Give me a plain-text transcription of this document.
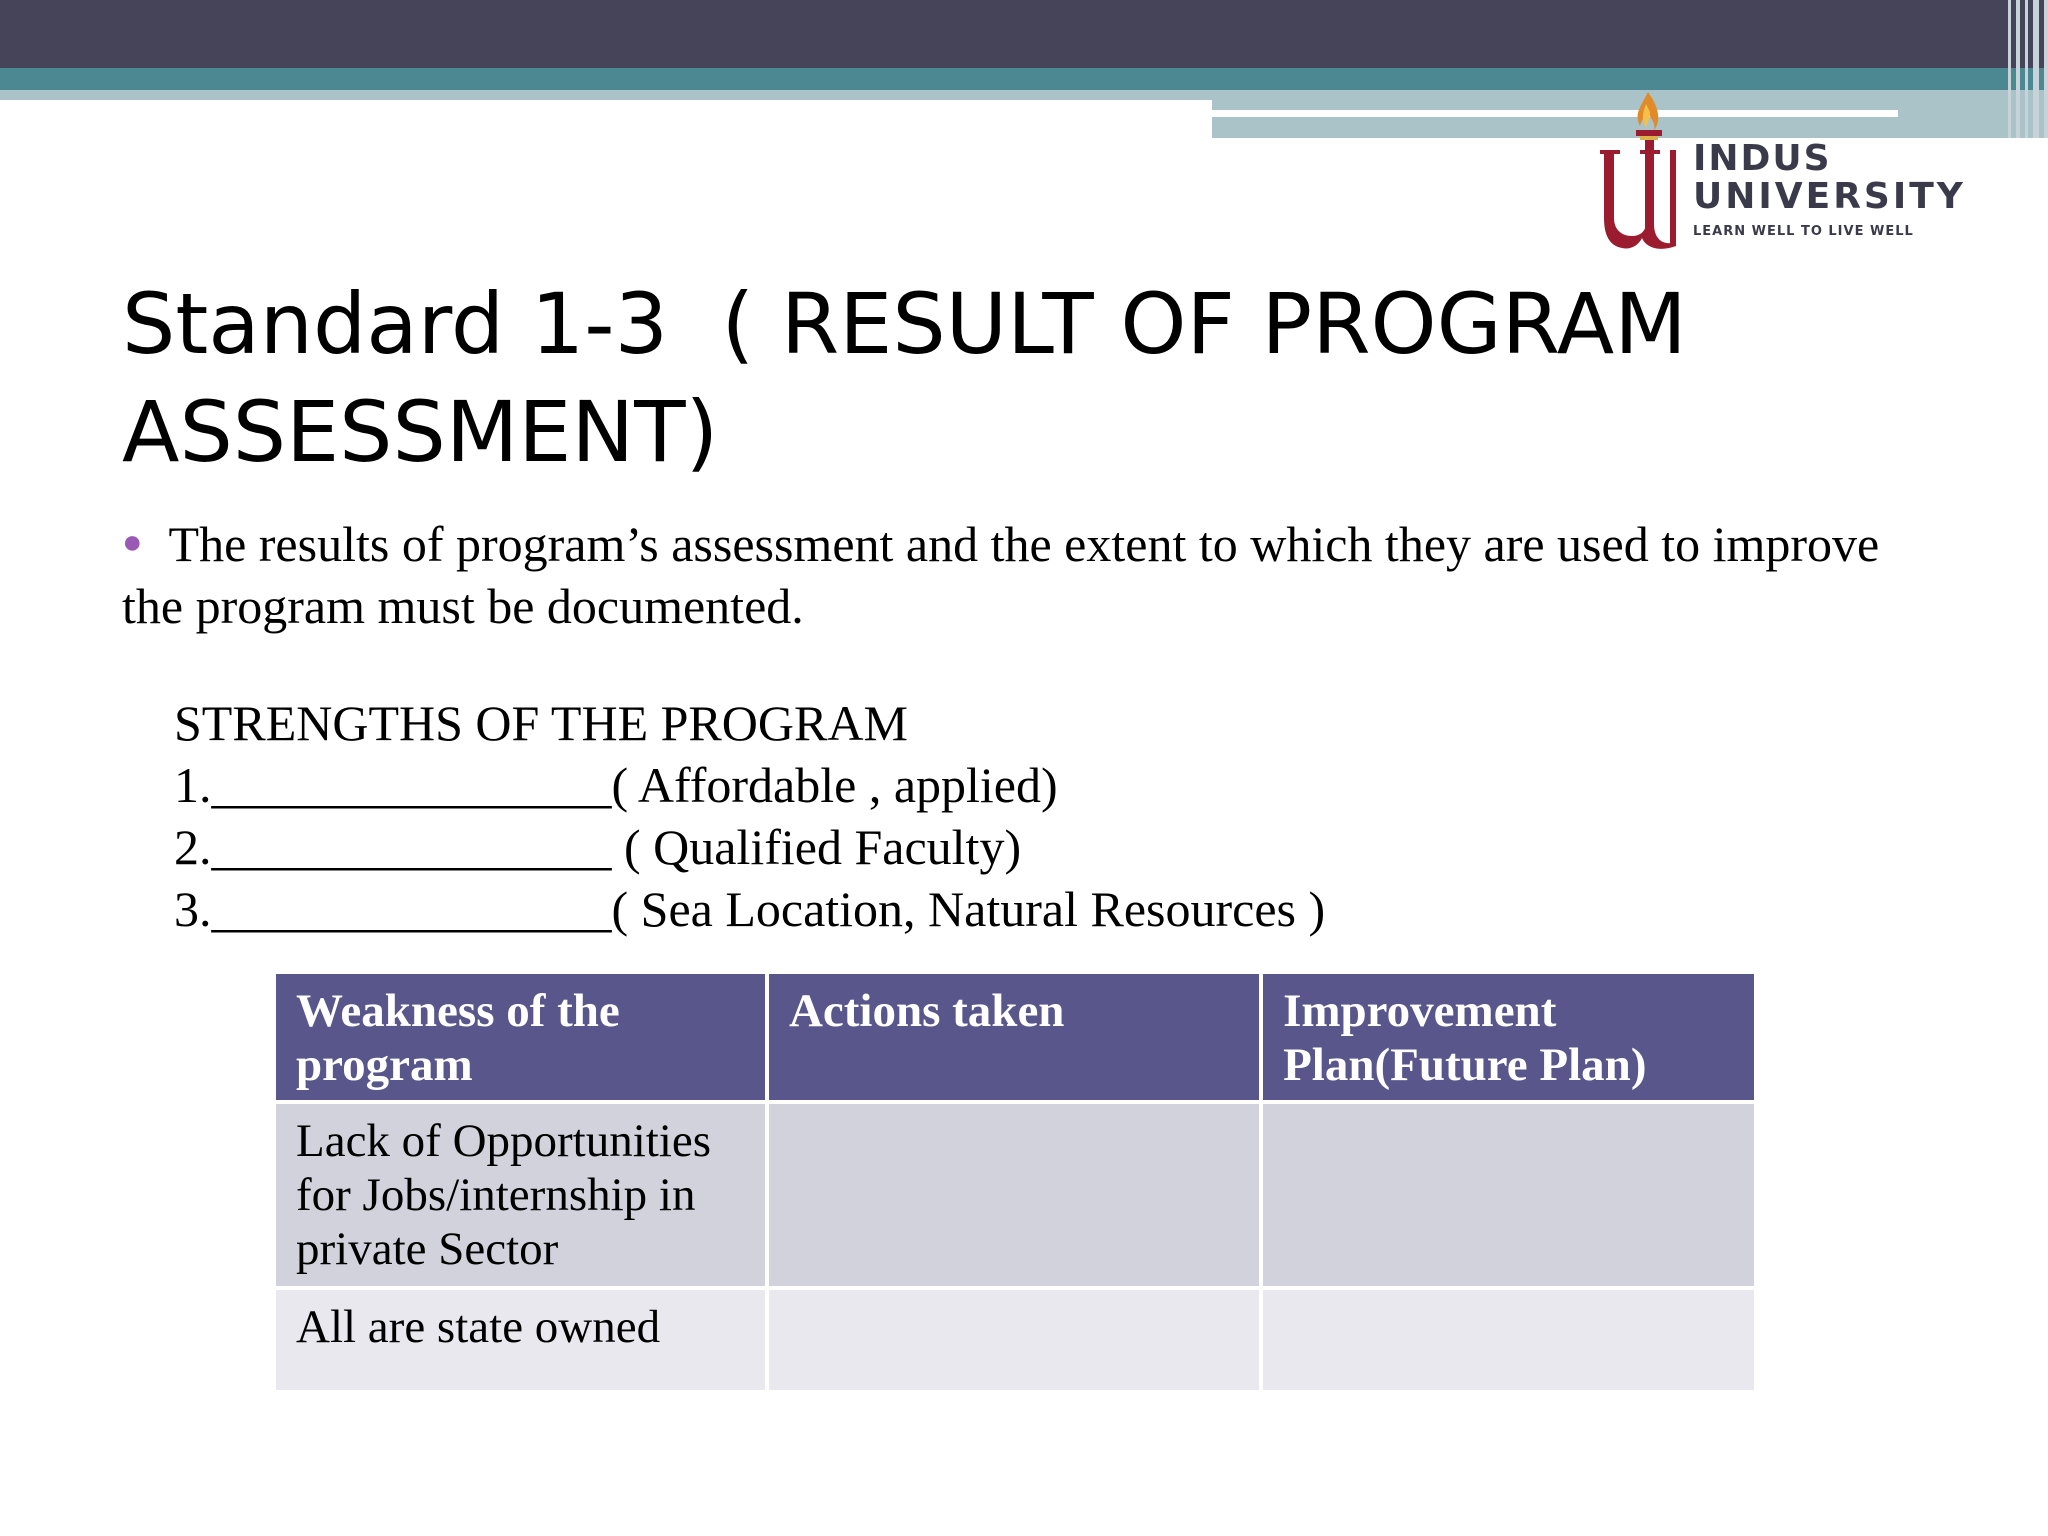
INDUS
UNIVERSITY
LEARN WELL TO LIVE WELL
Standard 1-3  ( RESULT OF PROGRAM
ASSESSMENT)
● The results of program’s assessment and the extent to which they are used to improve the program must be documented.
STRENGTHS OF THE PROGRAM
1.________________( Affordable , applied)
2.________________ ( Qualified Faculty)
3.________________( Sea Location, Natural Resources )
Weakness of the program	Actions taken	Improvement Plan(Future Plan)
Lack of Opportunities for Jobs/internship in private Sector		
All are state owned		
